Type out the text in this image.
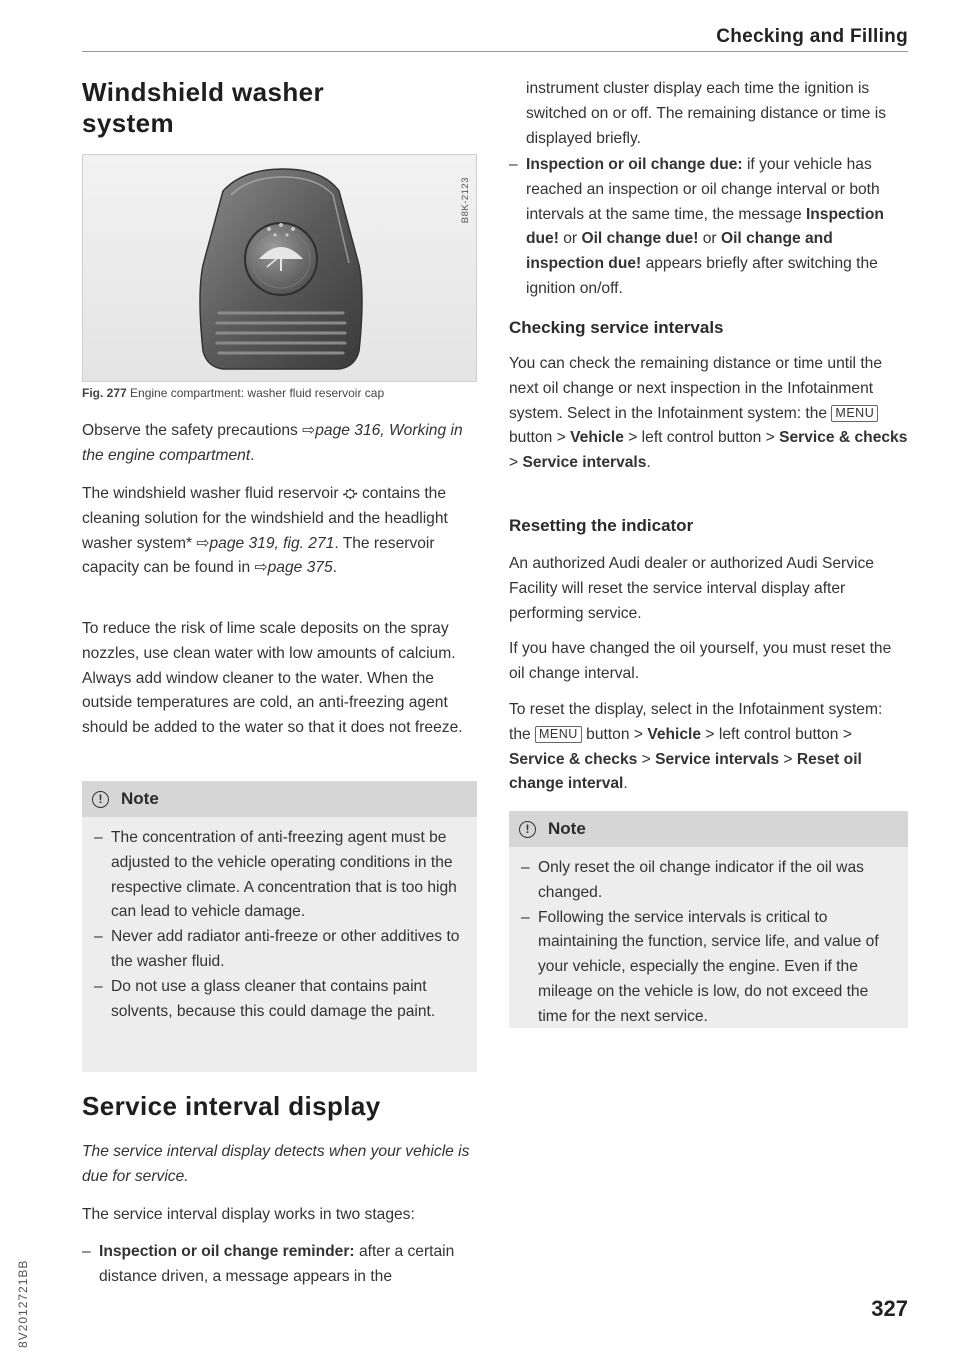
Checking and Filling
Windshield washer system
B8K-2123
Fig. 277 Engine compartment: washer fluid reservoir cap

Observe the safety precautions ⇨page 316, Working in the engine compartment.

The windshield washer fluid reservoir ⛮ contains the cleaning solution for the windshield and the headlight washer system* ⇨page 319, fig. 271. The reservoir capacity can be found in ⇨page 375.

To reduce the risk of lime scale deposits on the spray nozzles, use clean water with low amounts of calcium. Always add window cleaner to the water. When the outside temperatures are cold, an anti-freezing agent should be added to the water so that it does not freeze.

!	Note
– The concentration of anti-freezing agent must be adjusted to the vehicle operating conditions in the respective climate. A concentration that is too high can lead to vehicle damage.
– Never add radiator anti-freeze or other additives to the washer fluid.
– Do not use a glass cleaner that contains paint solvents, because this could damage the paint.
Service interval display

The service interval display detects when your vehicle is due for service.

The service interval display works in two stages:

– Inspection or oil change reminder: after a certain distance driven, a message appears in the

instrument cluster display each time the ignition is switched on or off. The remaining distance or time is displayed briefly.

– Inspection or oil change due: if your vehicle has reached an inspection or oil change interval or both intervals at the same time, the message Inspection due! or Oil change due! or Oil change and inspection due! appears briefly after switching the ignition on/off.
Checking service intervals

You can check the remaining distance or time until the next oil change or next inspection in the Infotainment system. Select in the Infotainment system: the MENU button > Vehicle > left control button > Service & checks > Service intervals.

Resetting the indicator

An authorized Audi dealer or authorized Audi Service Facility will reset the service interval display after performing service.

If you have changed the oil yourself, you must reset the oil change interval.

To reset the display, select in the Infotainment system: the MENU button > Vehicle > left control button > Service & checks > Service intervals > Reset oil change interval.

!	Note
– Only reset the oil change indicator if the oil was changed.
– Following the service intervals is critical to maintaining the function, service life, and value of your vehicle, especially the engine. Even if the mileage on the vehicle is low, do not exceed the time for the next service.
8V2012721BB	327
